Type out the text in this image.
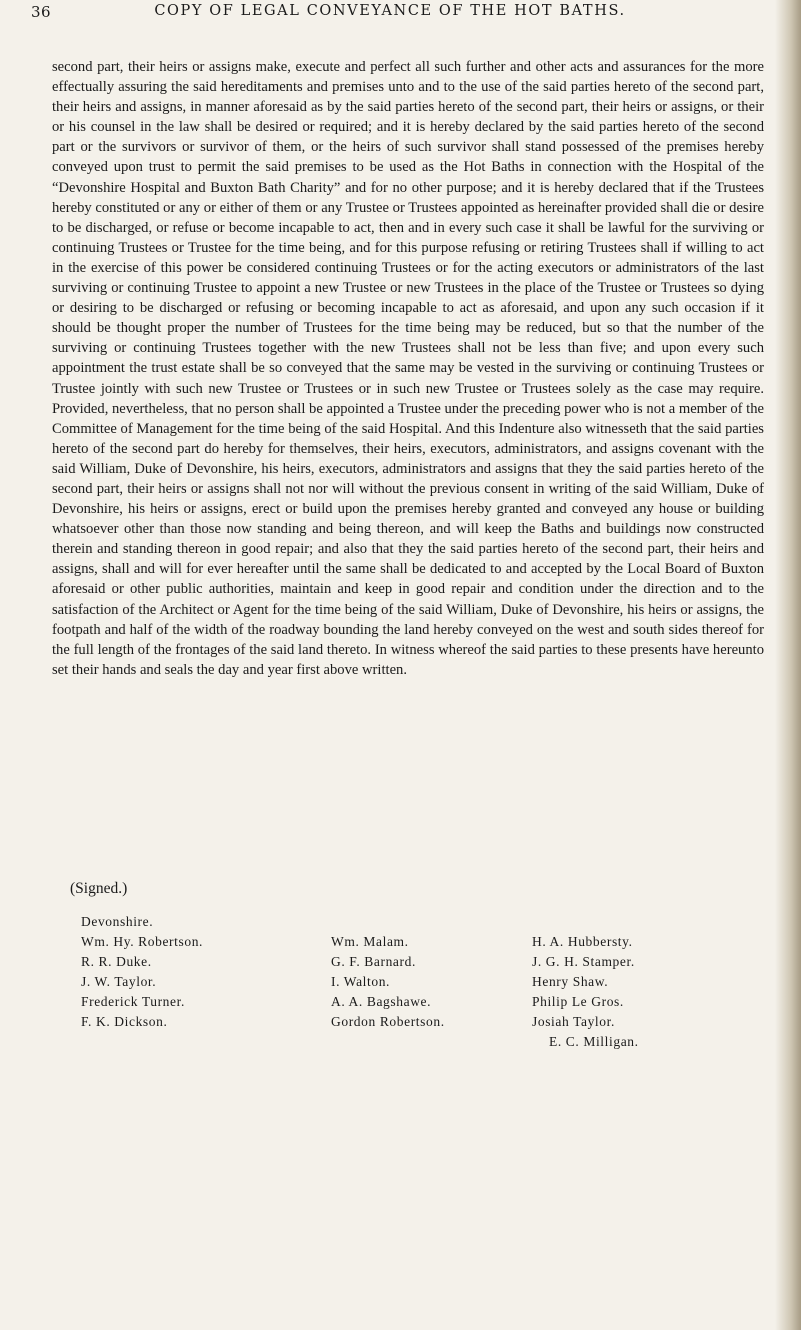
36	COPY OF LEGAL CONVEYANCE OF THE HOT BATHS.

second part, their heirs or assigns make, execute and perfect all such further and other acts and assurances for the more effectually assuring the said hereditaments and premises unto and to the use of the said parties hereto of the second part, their heirs and assigns, in manner aforesaid as by the said parties hereto of the second part, their heirs or assigns, or their or his counsel in the law shall be desired or required; and it is hereby declared by the said parties hereto of the second part or the survivors or survivor of them, or the heirs of such survivor shall stand possessed of the premises hereby conveyed upon trust to permit the said premises to be used as the Hot Baths in connection with the Hospital of the “Devonshire Hospital and Buxton Bath Charity” and for no other purpose; and it is hereby declared that if the Trustees hereby constituted or any or either of them or any Trustee or Trustees appointed as hereinafter provided shall die or desire to be discharged, or refuse or become incapable to act, then and in every such case it shall be lawful for the surviving or continuing Trustees or Trustee for the time being, and for this purpose refusing or retiring Trustees shall if willing to act in the exercise of this power be considered continuing Trustees or for the acting executors or administrators of the last surviving or continuing Trustee to appoint a new Trustee or new Trustees in the place of the Trustee or Trustees so dying or desiring to be discharged or refusing or becoming incapable to act as aforesaid, and upon any such occasion if it should be thought proper the number of Trustees for the time being may be reduced, but so that the number of the surviving or continuing Trustees together with the new Trustees shall not be less than five; and upon every such appointment the trust estate shall be so conveyed that the same may be vested in the surviving or continuing Trustees or Trustee jointly with such new Trustee or Trustees or in such new Trustee or Trustees solely as the case may require. Provided, nevertheless, that no person shall be appointed a Trustee under the preceding power who is not a member of the Committee of Management for the time being of the said Hospital. And this Indenture also witnesseth that the said parties hereto of the second part do hereby for themselves, their heirs, executors, administrators, and assigns covenant with the said William, Duke of Devonshire, his heirs, executors, administrators and assigns that they the said parties hereto of the second part, their heirs or assigns shall not nor will without the previous consent in writing of the said William, Duke of Devonshire, his heirs or assigns, erect or build upon the premises hereby granted and conveyed any house or building whatsoever other than those now standing and being thereon, and will keep the Baths and buildings now constructed therein and standing thereon in good repair; and also that they the said parties hereto of the second part, their heirs and assigns, shall and will for ever hereafter until the same shall be dedicated to and accepted by the Local Board of Buxton aforesaid or other public authorities, maintain and keep in good repair and condition under the direction and to the satisfaction of the Architect or Agent for the time being of the said William, Duke of Devonshire, his heirs or assigns, the footpath and half of the width of the roadway bounding the land hereby conveyed on the west and south sides thereof for the full length of the frontages of the said land thereto. In witness whereof the said parties to these presents have hereunto set their hands and seals the day and year first above written.

(Signed.)
Devonshire.
Wm. Hy. Robertson.
R. R. Duke.
J. W. Taylor.
Frederick Turner.
F. K. Dickson.
Wm. Malam.
G. F. Barnard.
I. Walton.
A. A. Bagshawe.
Gordon Robertson.
H. A. Hubbersty.
J. G. H. Stamper.
Henry Shaw.
Philip Le Gros.
Josiah Taylor.
E. C. Milligan.
